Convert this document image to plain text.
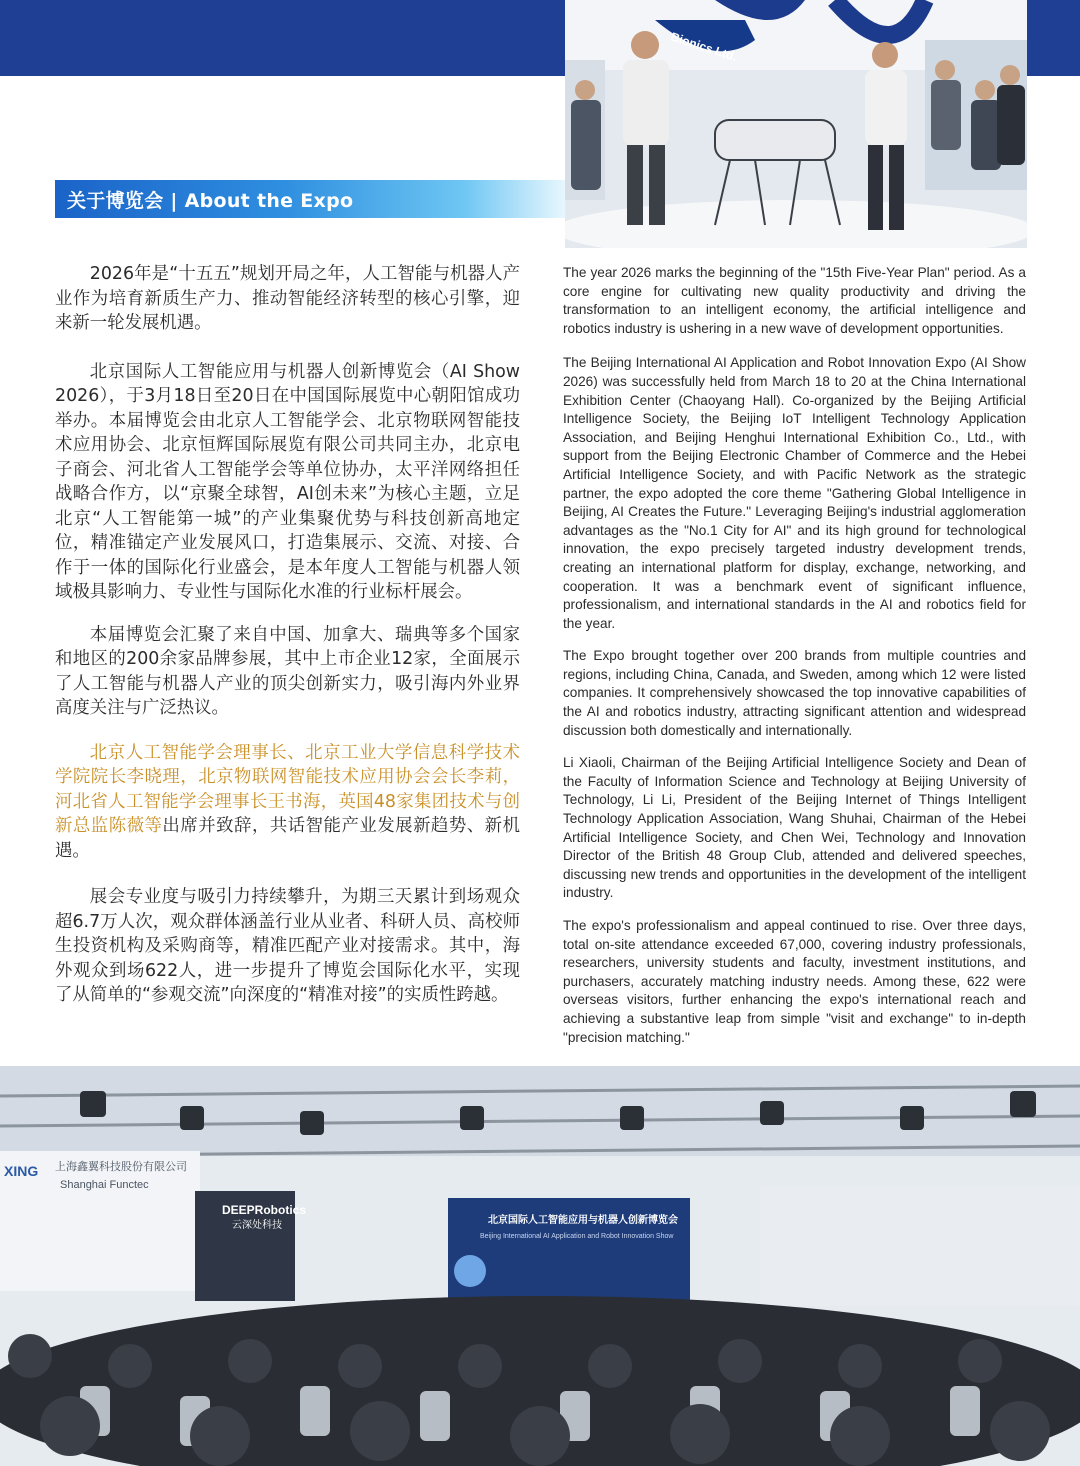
Bionics Ltd.
关于博览会 | About the Expo

2026年是“十五五”规划开局之年，人工智能与机器人产业作为培育新质生产力、推动智能经济转型的核心引擎，迎来新一轮发展机遇。

北京国际人工智能应用与机器人创新博览会（AI Show 2026），于3月18日至20日在中国国际展览中心朝阳馆成功举办。本届博览会由北京人工智能学会、北京物联网智能技术应用协会、北京恒辉国际展览有限公司共同主办，北京电子商会、河北省人工智能学会等单位协办，太平洋网络担任战略合作方，以“京聚全球智，AI创未来”为核心主题，立足北京“人工智能第一城”的产业集聚优势与科技创新高地定位，精准锚定产业发展风口，打造集展示、交流、对接、合作于一体的国际化行业盛会，是本年度人工智能与机器人领域极具影响力、专业性与国际化水准的行业标杆展会。

本届博览会汇聚了来自中国、加拿大、瑞典等多个国家和地区的200余家品牌参展，其中上市企业12家，全面展示了人工智能与机器人产业的顶尖创新实力，吸引海内外业界高度关注与广泛热议。

北京人工智能学会理事长、北京工业大学信息科学技术学院院长李晓理，北京物联网智能技术应用协会会长李莉，河北省人工智能学会理事长王书海，英国48家集团技术与创新总监陈薇等出席并致辞，共话智能产业发展新趋势、新机遇。

展会专业度与吸引力持续攀升，为期三天累计到场观众超6.7万人次，观众群体涵盖行业从业者、科研人员、高校师生投资机构及采购商等，精准匹配产业对接需求。其中，海外观众到场622人，进一步提升了博览会国际化水平，实现了从简单的“参观交流”向深度的“精准对接”的实质性跨越。

The year 2026 marks the beginning of the "15th Five-Year Plan" period. As a core engine for cultivating new quality productivity and driving the transformation to an intelligent economy, the artificial intelligence and robotics industry is ushering in a new wave of development opportunities.

The Beijing International AI Application and Robot Innovation Expo (AI Show 2026) was successfully held from March 18 to 20 at the China International Exhibition Center (Chaoyang Hall). Co-organized by the Beijing Artificial Intelligence Society, the Beijing IoT Intelligent Technology Application Association, and Beijing Henghui International Exhibition Co., Ltd., with support from the Beijing Electronic Chamber of Commerce and the Hebei Artificial Intelligence Society, and with Pacific Network as the strategic partner, the expo adopted the core theme "Gathering Global Intelligence in Beijing, AI Creates the Future." Leveraging Beijing's industrial agglomeration advantages as the "No.1 City for AI" and its high ground for technological innovation, the expo precisely targeted industry development trends, creating an international platform for display, exchange, networking, and cooperation. It was a benchmark event of significant influence, professionalism, and international standards in the AI and robotics field for the year.

The Expo brought together over 200 brands from multiple countries and regions, including China, Canada, and Sweden, among which 12 were listed companies. It comprehensively showcased the top innovative capabilities of the AI and robotics industry, attracting significant attention and widespread discussion both domestically and internationally.

Li Xiaoli, Chairman of the Beijing Artificial Intelligence Society and Dean of the Faculty of Information Science and Technology at Beijing University of Technology, Li Li, President of the Beijing Internet of Things Intelligent Technology Application Association, Wang Shuhai, Chairman of the Hebei Artificial Intelligence Society, and Chen Wei, Technology and Innovation Director of the British 48 Group Club, attended and delivered speeches, discussing new trends and opportunities in the development of the intelligent industry.

The expo's professionalism and appeal continued to rise. Over three days, total on-site attendance exceeded 67,000, covering industry professionals, researchers, university students and faculty, investment institutions, and purchasers, accurately matching industry needs. Among these, 622 were overseas visitors, further enhancing the expo's international reach and achieving a substantive leap from simple "visit and exchange" to in-depth "precision matching."

XING 上海鑫翼科技股份有限公司
Shanghai Functec
DEEPRobotics
云深处科技	北京国际人工智能应用与机器人创新博览会
Beijing International AI Application and Robot Innovation Show
